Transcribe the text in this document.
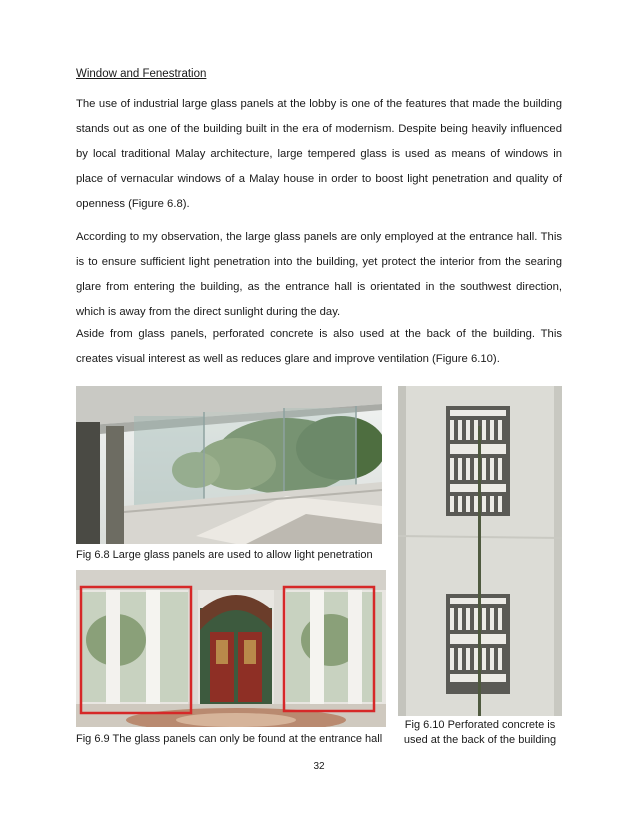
Window and Fenestration

The use of industrial large glass panels at the lobby is one of the features that made the building stands out as one of the building built in the era of modernism. Despite being heavily influenced by local traditional Malay architecture, large tempered glass is used as means of windows in place of vernacular windows of a Malay house in order to boost light penetration and quality of openness (Figure 6.8).

According to my observation, the large glass panels are only employed at the entrance hall. This is to ensure sufficient light penetration into the building, yet protect the interior from the searing glare from entering the building, as the entrance hall is orientated in the southwest direction, which is away from the direct sunlight during the day.

Aside from glass panels, perforated concrete is also used at the back of the building. This creates visual interest as well as reduces glare and improve ventilation (Figure 6.10).

Fig 6.8 Large glass panels are used to allow light penetration
Fig 6.9 The glass panels can only be found at the entrance hall
Fig 6.10 Perforated concrete is used at the back of the building
32
